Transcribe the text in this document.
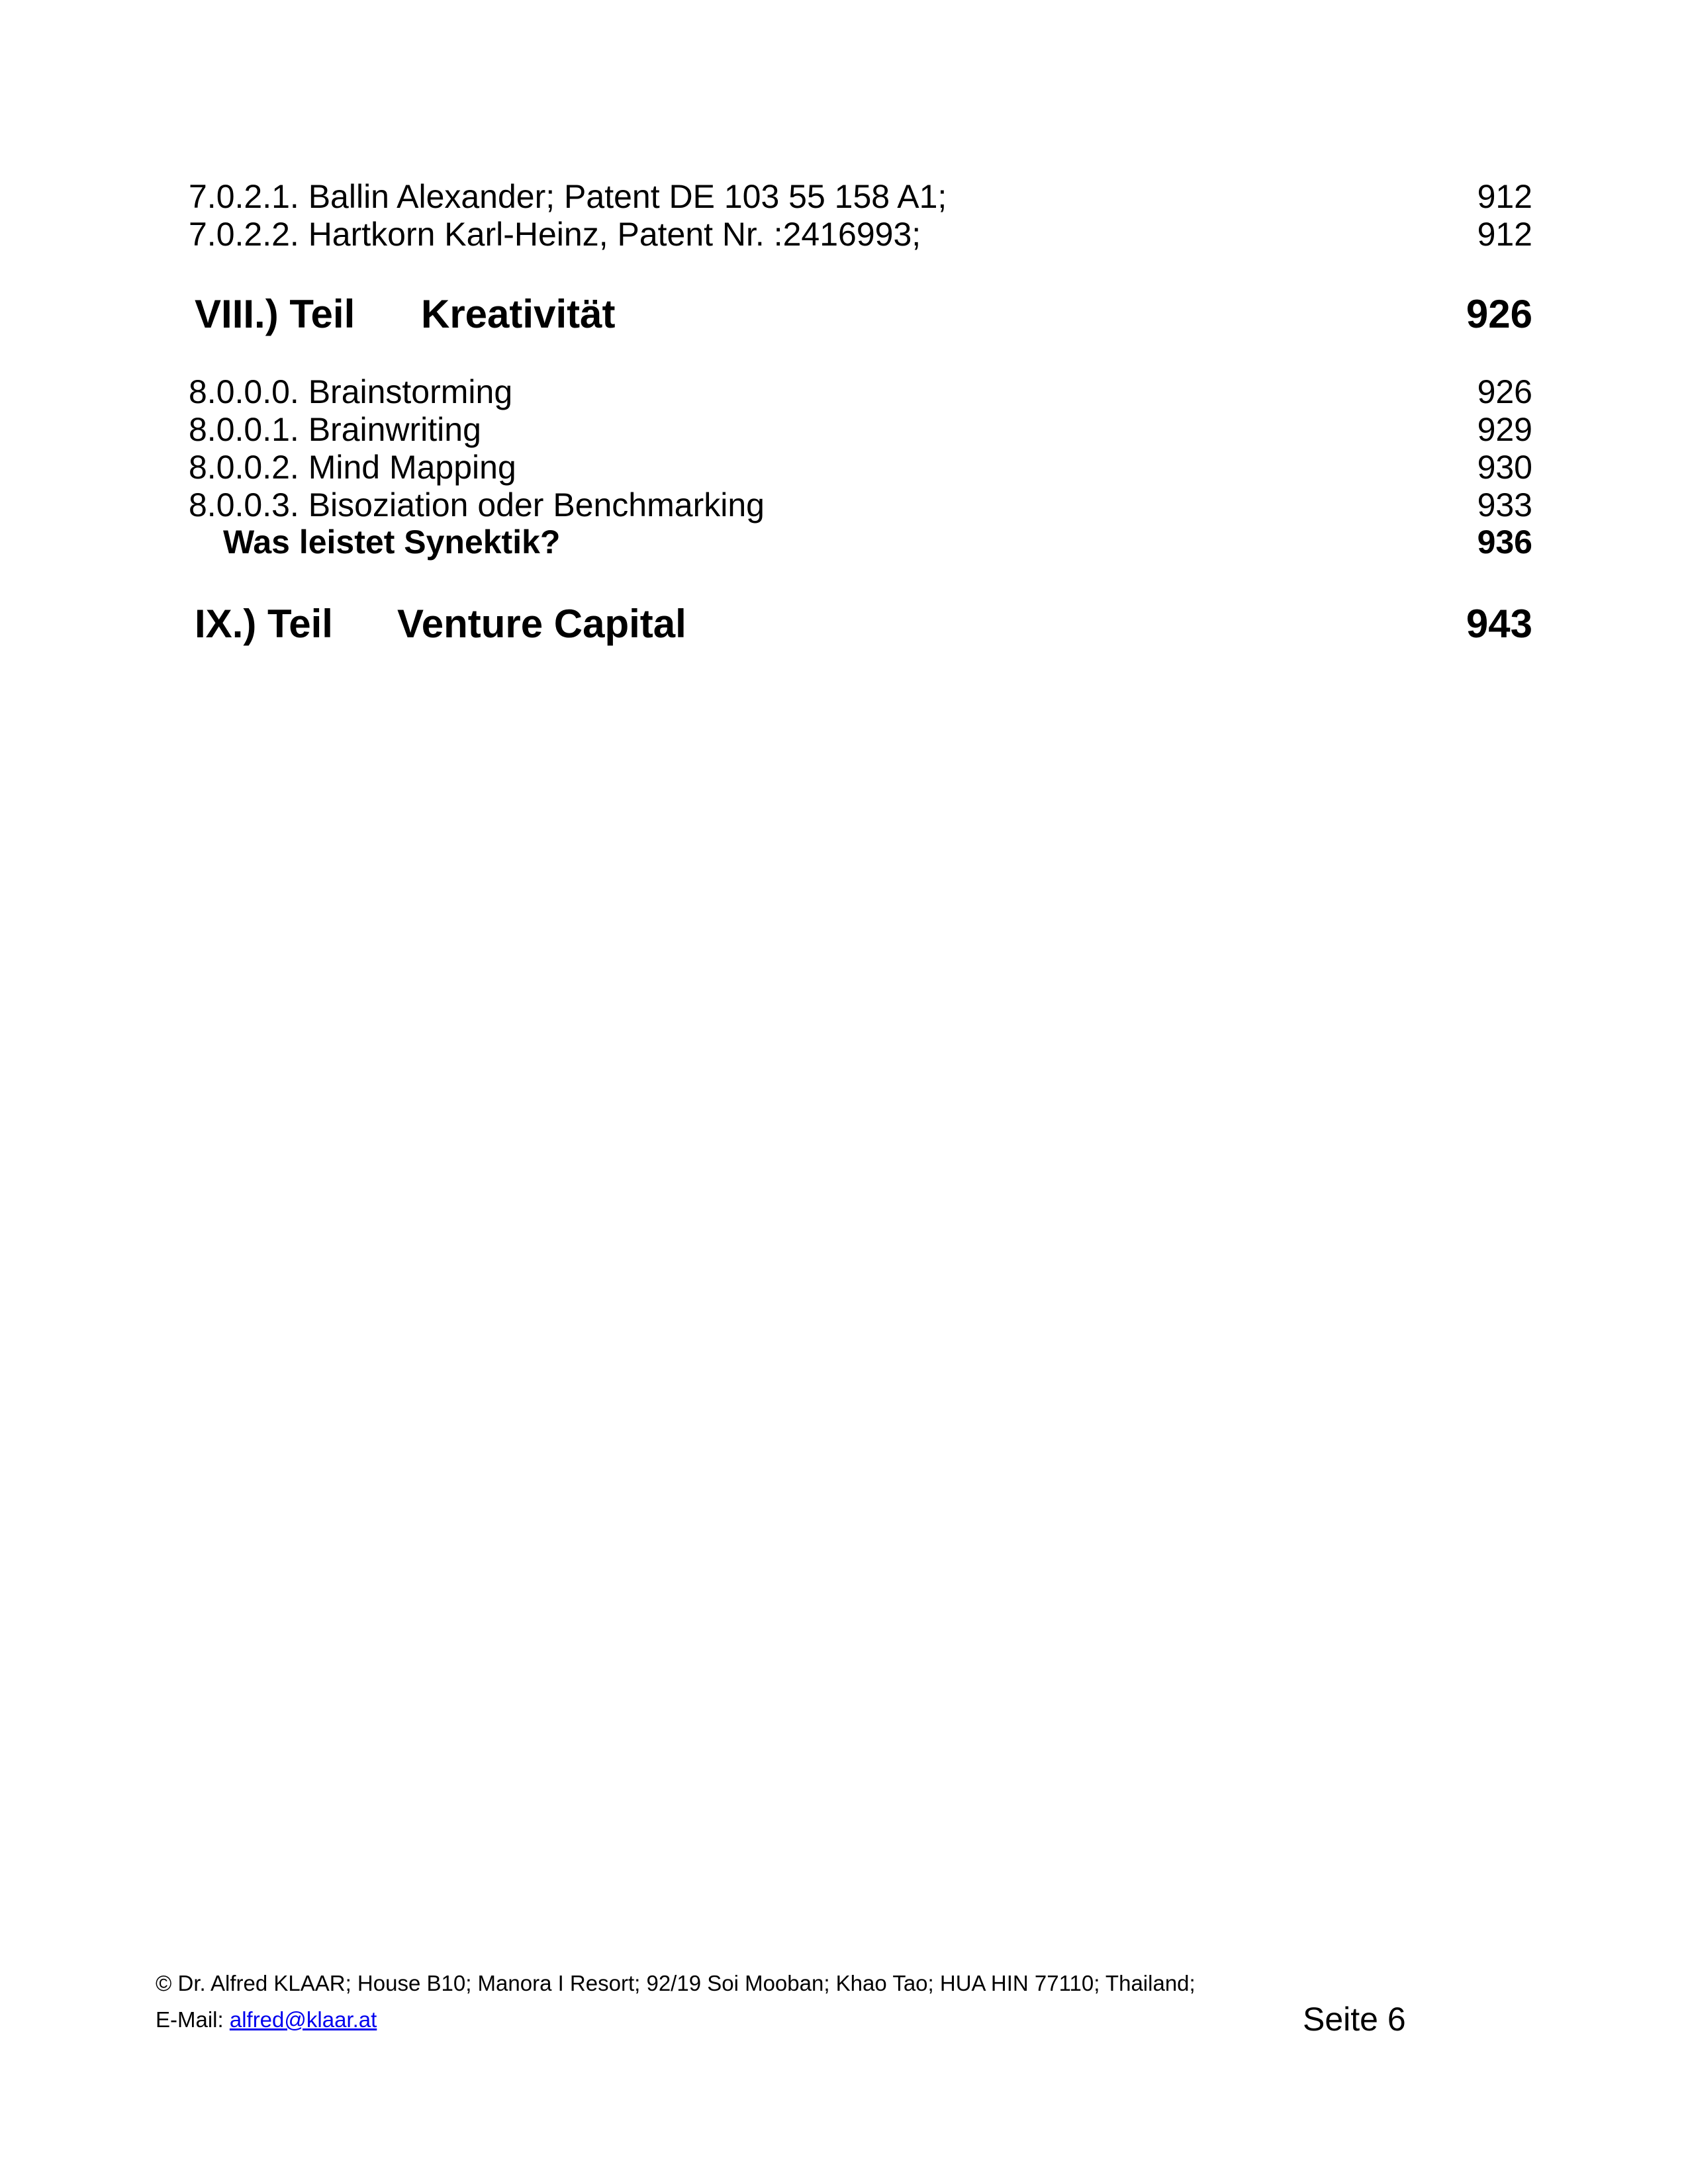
7.0.2.1. Ballin Alexander; Patent DE 103 55 158 A1;	912
7.0.2.2. Hartkorn Karl-Heinz, Patent Nr. :2416993;	912
VIII.) Teil	Kreativität	926
8.0.0.0. Brainstorming	926
8.0.0.1. Brainwriting	929
8.0.0.2. Mind Mapping	930
8.0.0.3. Bisoziation oder Benchmarking	933
Was leistet Synektik?	936
IX.) Teil	Venture Capital	943
© Dr. Alfred KLAAR; House B10; Manora I Resort; 92/19 Soi Mooban; Khao Tao; HUA HIN 77110; Thailand;
E-Mail: alfred@klaar.at	Seite 6
